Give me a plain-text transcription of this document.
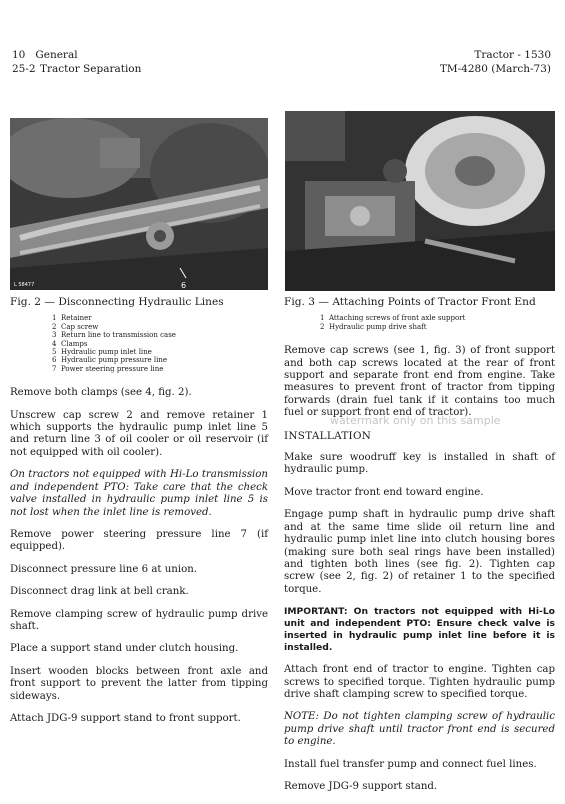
10 General
25-2 Tractor Separation
Tractor - 1530
TM-4280 (March-73)
L 58477	6
Fig. 2 — Disconnecting Hydraulic Lines
1 Retainer
2 Cap screw
3 Return line to transmission case
4 Clamps
5 Hydraulic pump inlet line
6 Hydraulic pump pressure line
7 Power steering pressure line

Remove both clamps (see 4, fig. 2).

Unscrew cap screw 2 and remove retainer 1 which supports the hydraulic pump inlet line 5 and return line 3 of oil cooler or oil reservoir (if not equipped with oil cooler).

On tractors not equipped with Hi-Lo transmission and independent PTO: Take care that the check valve installed in hydraulic pump inlet line 5 is not lost when the inlet line is removed.

Remove power steering pressure line 7 (if equipped).

Disconnect pressure line 6 at union.

Disconnect drag link at bell crank.

Remove clamping screw of hydraulic pump drive shaft.

Place a support stand under clutch housing.

Insert wooden blocks between front axle and front support to prevent the latter from tipping sideways.

Attach JDG-9 support stand to front support.

Fig. 3 — Attaching Points of Tractor Front End
1 Attaching screws of front axle support
2 Hydraulic pump drive shaft

Remove cap screws (see 1, fig. 3) of front support and both cap screws located at the rear of front support and separate front end from engine. Take measures to prevent front of tractor from tipping forwards (drain fuel tank if it contains too much fuel or support front end of tractor).

INSTALLATION

Make sure woodruff key is installed in shaft of hydraulic pump.

Move tractor front end toward engine.

Engage pump shaft in hydraulic pump drive shaft and at the same time slide oil return line and hydraulic pump inlet line into clutch housing bores (making sure both seal rings have been installed) and tighten both lines (see fig. 2). Tighten cap screw (see 2, fig. 2) of retainer 1 to the specified torque.

IMPORTANT: On tractors not equipped with Hi-Lo unit and independent PTO: Ensure check valve is inserted in hydraulic pump inlet line before it is installed.

Attach front end of tractor to engine. Tighten cap screws to specified torque. Tighten hydraulic pump drive shaft clamping screw to specified torque.

NOTE: Do not tighten clamping screw of hydraulic pump drive shaft until tractor front end is secured to engine.

Install fuel transfer pump and connect fuel lines.

Remove JDG-9 support stand.

watermark only on this sample
